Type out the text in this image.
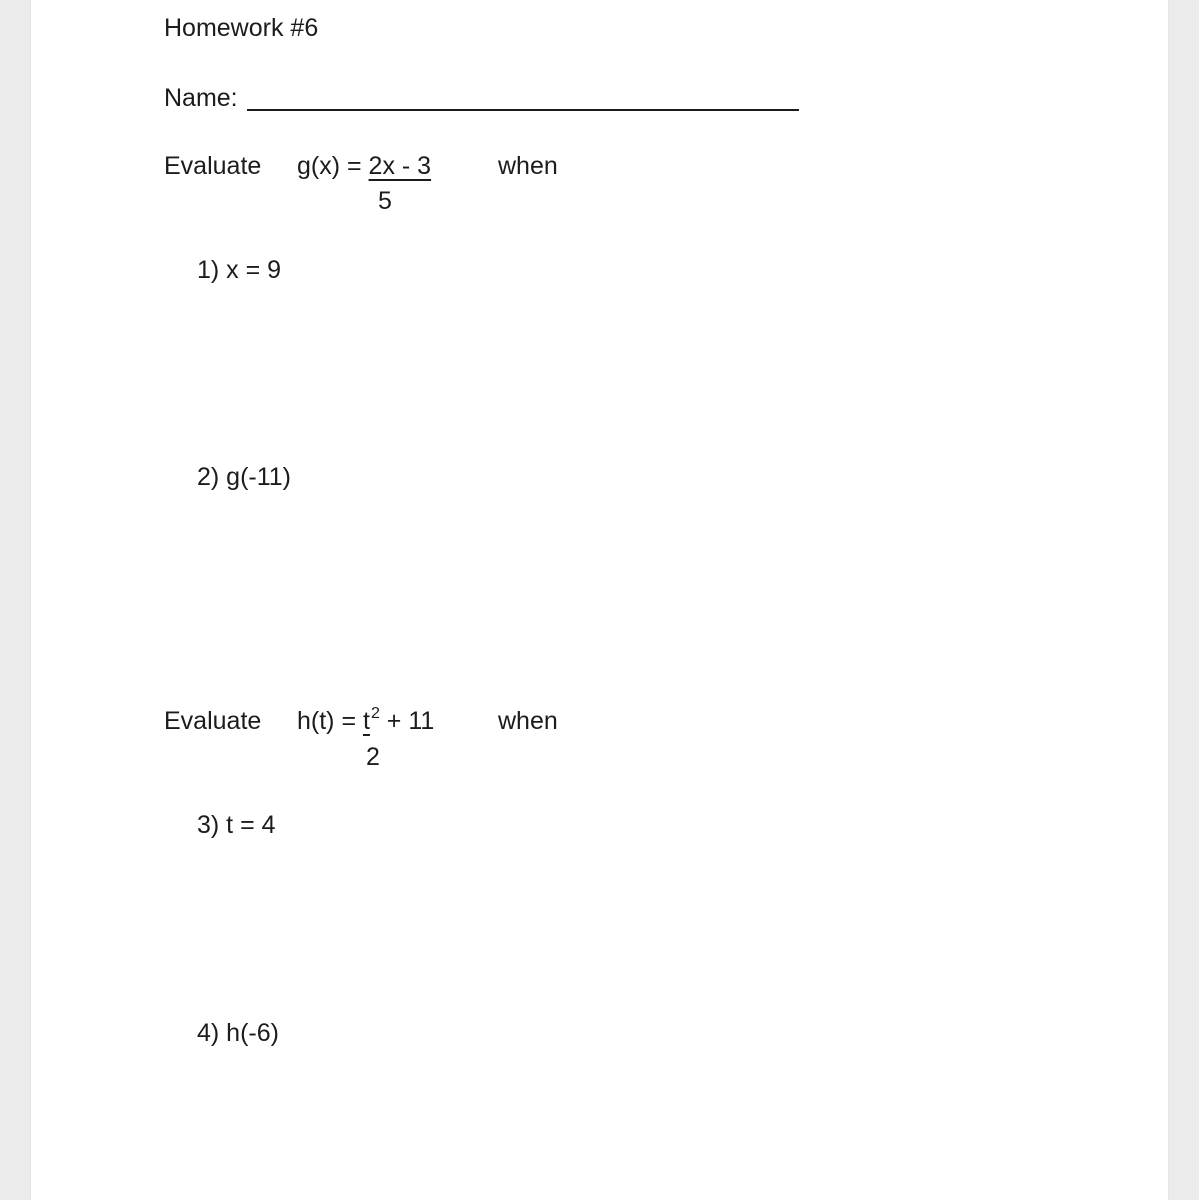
Homework #6
Name:
Evaluate g(x) = 2x - 3
5
when
1) x = 9
2) g(-11)
Evaluate $h(t) = t^2 + 11$
2
when
3) t = 4
4) h(-6)
